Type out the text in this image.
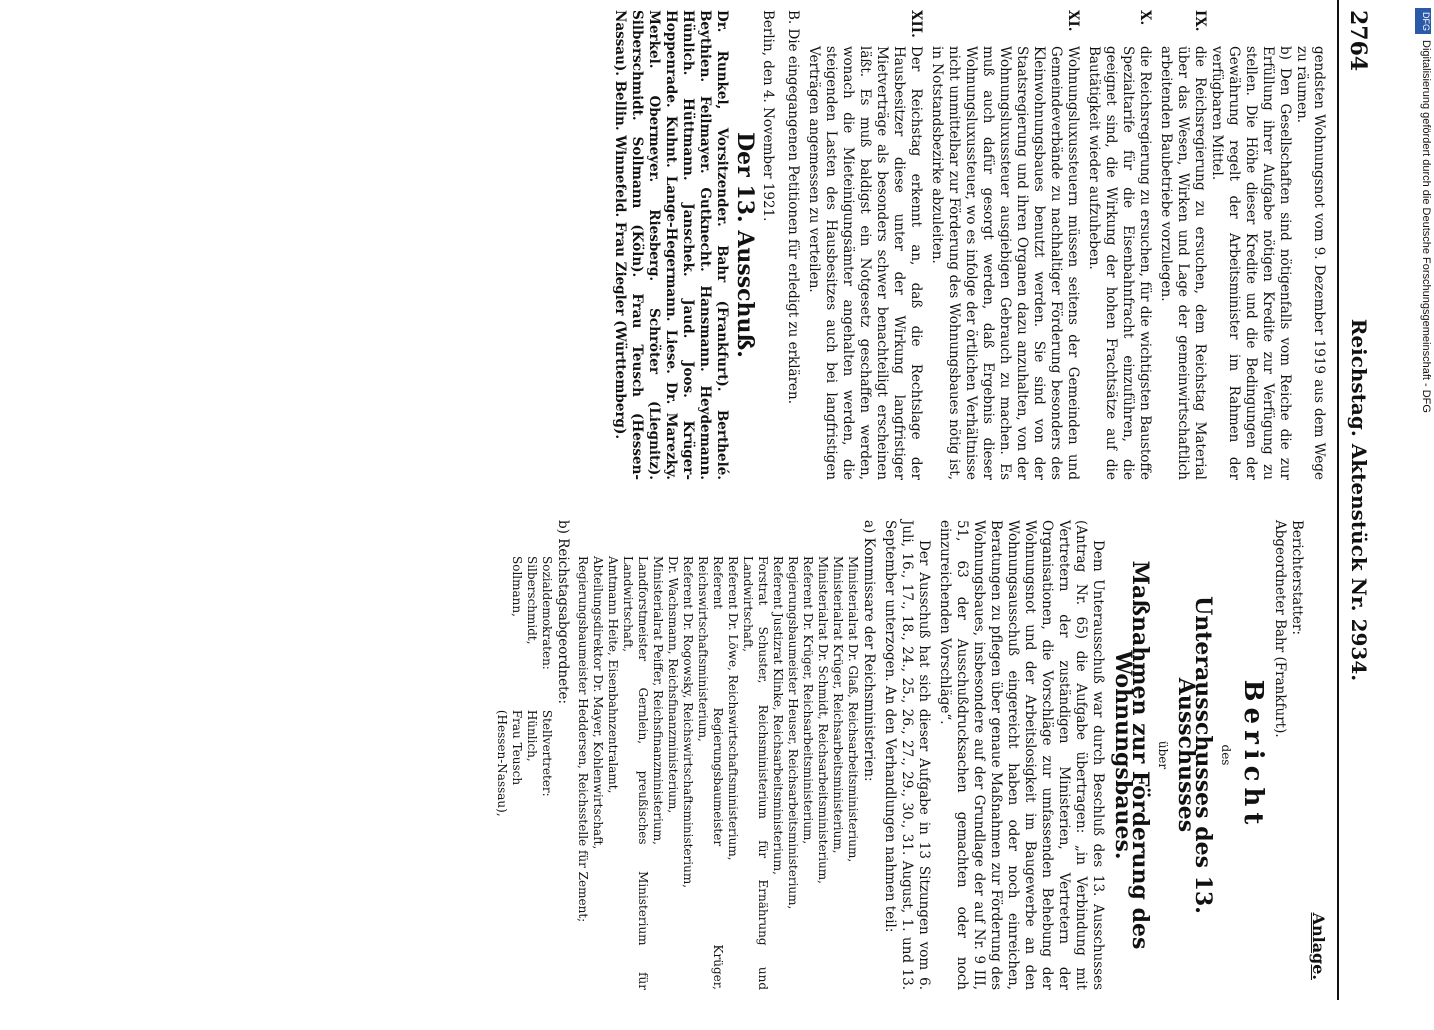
2764
Reichstag. Aktenstück Nr. 2934.
gendsten Wohnungsnot vom 9. Dezember 1919 aus dem Wege zu räumen.
b) Den Gesellschaften sind nötigenfalls vom Reiche die zur Erfüllung ihrer Aufgabe nötigen Kredite zur Verfügung zu stellen. Die Höhe dieser Kredite und die Bedingungen der Gewährung regelt der Arbeitsminister im Rahmen der verfügbaren Mittel.
IX.
die Reichsregierung zu ersuchen, dem Reichstag Material über das Wesen, Wirken und Lage der gemeinwirtschaftlich arbeitenden Baubetriebe vorzulegen.
X.
die Reichsregierung zu ersuchen, für die wichtigsten Baustoffe Spezialtarife für die Eisenbahnfracht einzuführen, die geeignet sind, die Wirkung der hohen Frachtsätze auf die Bautätigkeit wieder aufzuheben.
XI.
Wohnungsluxussteuern müssen seitens der Gemeinden und Gemeindeverbände zu nachhaltiger Förderung besonders des Kleinwohnungsbaues benutzt werden. Sie sind von der Staatsregierung und ihren Organen dazu anzuhalten, von der Wohnungsluxussteuer ausgiebigen Gebrauch zu machen. Es muß auch dafür gesorgt werden, daß Ergebnis dieser Wohnungsluxussteuer, wo es infolge der örtlichen Verhältnisse nicht unmittelbar zur Förderung des Wohnungsbaues nötig ist, in Notstandsbezirke abzuleiten.
XII.
Der Reichstag erkennt an, daß die Rechtslage der Hausbesitzer diese unter der Wirkung langfristiger Mietverträge als besonders schwer benachteiligt erscheinen läßt. Es muß baldigst ein Notgesetz geschaffen werden, wonach die Mieteinigungsämter angehalten werden, die steigenden Lasten des Hausbesitzes auch bei langfristigen Verträgen angemessen zu verteilen.
B. Die eingegangenen Petitionen für erledigt zu erklären.
Berlin, den 4. November 1921.
Der 13. Ausschuß.
Dr. Runkel, Vorsitzender. Bahr (Frankfurt). Berthelé. Beythien. Feilmayer. Gutknecht. Hansmann. Heydemann. Hünlich. Hüttmann. Janschek. Jaud. Joos. Krüger-Hoppenrade. Kuhnt. Lange-Hegermann. Liese. Dr. Marezky. Merkel. Obermeyer. Riesberg. Schröter (Liegnitz). Silberschmidt. Sollmann (Köln). Frau Teusch (Hessen-Nassau). Bellin. Winnefeld. Frau Ziegler (Württemberg).
Anlage.
Berichterstatter:
Abgeordneter Bahr (Frankfurt).
Bericht
des
Unterausschusses des 13. Ausschusses
über
Maßnahmen zur Förderung des Wohnungsbaues.

Dem Unterausschuß war durch Beschluß des 13. Ausschusses (Antrag Nr. 65) die Aufgabe übertragen: „in Verbindung mit Vertretern der zuständigen Ministerien, Vertretern der Organisationen, die Vorschläge zur umfassenden Behebung der Wohnungsnot und der Arbeitslosigkeit im Baugewerbe an den Wohnungsausschuß eingereicht haben oder noch einreichen, Beratungen zu pflegen über genaue Maßnahmen zur Förderung des Wohnungsbaues, insbesondere auf der Grundlage der auf Nr. 9 III, 51, 63 der Ausschußdrucksachen gemachten oder noch einzureichenden Vorschläge“.

Der Ausschuß hat sich dieser Aufgabe in 13 Sitzungen vom 6. Juli, 16., 17., 18., 24., 25., 26., 27., 29., 30., 31. August, 1. und 13. September unterzogen. An den Verhandlungen nahmen teil:

a) Kommissare der Reichsministerien:
Ministerialrat Dr. Glaß, Reichsarbeitsministerium,
Ministerialrat Krüger, Reichsarbeitsministerium,
Ministerialrat Dr. Schmidt, Reichsarbeitsministerium,
Referent Dr. Krüger, Reichsarbeitsministerium,
Regierungsbaumeister Heuser, Reichsarbeitsministerium,
Referent Justizrat Klinke, Reichsarbeitsministerium,
Forstrat Schuster, Reichsministerium für Ernährung und Landwirtschaft,
Referent Dr. Löwe, Reichswirtschaftsministerium,
Referent Regierungsbaumeister Krüger, Reichswirtschaftsministerium,
Referent Dr. Rogowsky, Reichswirtschaftsministerium,
Dr. Wachsmann, Reichsfinanzministerium,
Ministerialrat Peiffer, Reichsfinanzministerium,
Landforstmeister Gernlein, preußisches Ministerium für Landwirtschaft,
Amtmann Heite, Eisenbahnzentralamt,
Abteilungsdirektor Dr. Mayer, Kohlenwirtschaft,
Regierungsbaumeister Heddersen, Reichsstelle für Zement;
b) Reichstagsabgeordnete:
Sozialdemokraten:
Silberschmidt,
Sollmann,
Stellvertreter:
Hünlich,
Frau Teusch
(Hessen-Nassau),
DFG
Digitalisierung gefördert durch die Deutsche Forschungsgemeinschaft - DFG
